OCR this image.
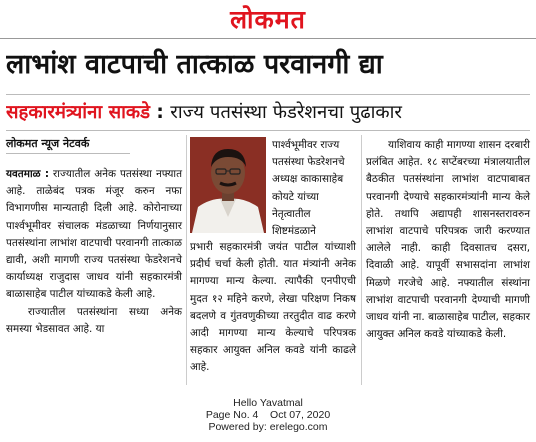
लोकमत
लाभांश वाटपाची तात्काळ परवानगी द्या
सहकारमंत्र्यांना साकडे : राज्य पतसंस्था फेडरेशनचा पुढाकार
लोकमत न्यूज नेटवर्क

यवतमाळ : राज्यातील अनेक पतसंस्था नफ्यात आहे. ताळेबंद पत्रक मंजूर करुन नफा विभागणीस मान्यताही दिली आहे. कोरोनाच्या पार्श्वभूमीवर संचालक मंडळाच्या निर्णयानुसार पतसंस्थांना लाभांश वाटपाची परवानगी तात्काळ द्यावी, अशी मागणी राज्य पतसंस्था फेडरेशनचे कार्याध्यक्ष राजुदास जाधव यांनी सहकारमंत्री बाळासाहेब पाटील यांच्याकडे केली आहे.

राज्यातील पतसंस्थांना सध्या अनेक समस्या भेडसावत आहे. या

पार्श्वभूमीवर राज्य पतसंस्था फेडरेशनचे अध्यक्ष काकासाहेब कोयटे यांच्या नेतृत्वातील शिष्टमंडळाने

प्रभारी सहकारमंत्री जयंत पाटील यांच्याशी प्रदीर्घ चर्चा केली होती. यात मंत्र्यांनी अनेक मागण्या मान्य केल्या. त्यापैकी एनपीएची मुदत १२ महिने करणे, लेखा परिक्षण निकष बदलणे व गुंतवणुकीच्या तरतुदीत वाढ करणे आदी मागण्या मान्य केल्याचे परिपत्रक सहकार आयुक्त अनिल कवडे यांनी काढले आहे.

याशिवाय काही मागण्या शासन दरबारी प्रलंबित आहेत. १८ सप्टेंबरच्या मंत्रालयातील बैठकीत पतसंस्थांना लाभांश वाटपाबाबत परवानगी देण्याचे सहकारमंत्र्यांनी मान्य केले होते. तथापि अद्यापही शासनस्तरावरुन लाभांश वाटपाचे परिपत्रक जारी करण्यात आलेले नाही. काही दिवसातच दसरा, दिवाळी आहे. यापूर्वी सभासदांना लाभांश मिळणे गरजेचे आहे. नफ्यातील संस्थांना लाभांश वाटपाची परवानगी देण्याची मागणी जाधव यांनी ना. बाळासाहेब पाटील, सहकार आयुक्त अनिल कवडे यांच्याकडे केली.

Hello Yavatmal
Page No. 4 Oct 07, 2020
Powered by: erelego.com
